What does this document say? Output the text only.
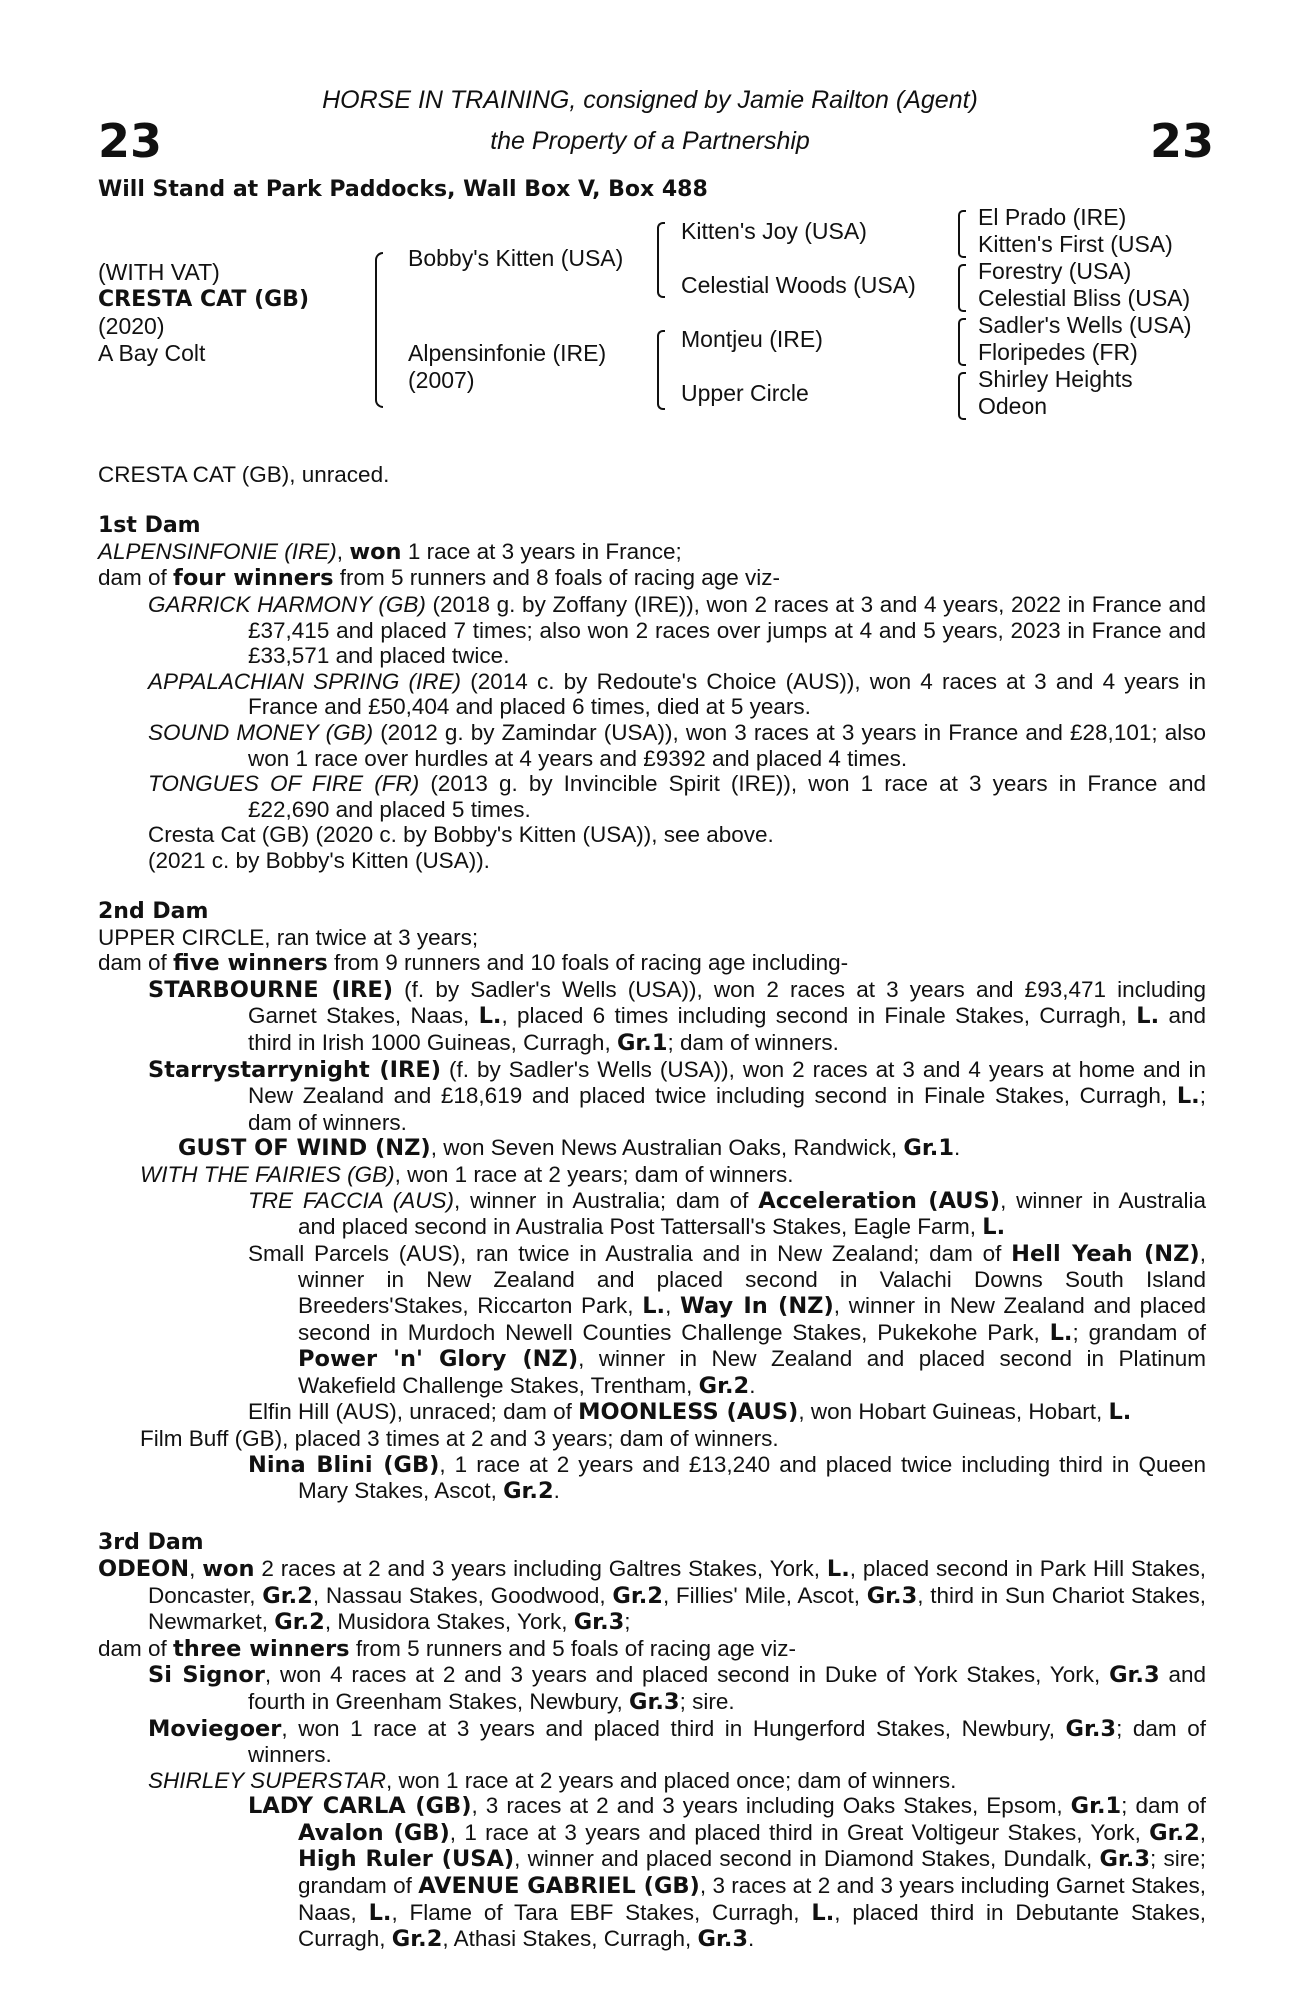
23	23
HORSE IN TRAINING, consigned by Jamie Railton (Agent)
the Property of a Partnership
Will Stand at Park Paddocks, Wall Box V, Box 488
(WITH VAT)
CRESTA CAT (GB)
(2020)
A Bay Colt
Bobby's Kitten (USA)
Alpensinfonie (IRE)
(2007)
Kitten's Joy (USA)
Celestial Woods (USA)
Montjeu (IRE)
Upper Circle
El Prado (IRE)
Kitten's First (USA)
Forestry (USA)
Celestial Bliss (USA)
Sadler's Wells (USA)
Floripedes (FR)
Shirley Heights
Odeon
CRESTA CAT (GB), unraced.
1st Dam
ALPENSINFONIE (IRE), won 1 race at 3 years in France;
dam of four winners from 5 runners and 8 foals of racing age viz-
GARRICK HARMONY (GB) (2018 g. by Zoffany (IRE)), won 2 races at 3 and 4 years, 2022 in France and £37,415 and placed 7 times; also won 2 races over jumps at 4 and 5 years, 2023 in France and £33,571 and placed twice.
APPALACHIAN SPRING (IRE) (2014 c. by Redoute's Choice (AUS)), won 4 races at 3 and 4 years in France and £50,404 and placed 6 times, died at 5 years.
SOUND MONEY (GB) (2012 g. by Zamindar (USA)), won 3 races at 3 years in France and £28,101; also won 1 race over hurdles at 4 years and £9392 and placed 4 times.
TONGUES OF FIRE (FR) (2013 g. by Invincible Spirit (IRE)), won 1 race at 3 years in France and £22,690 and placed 5 times.
Cresta Cat (GB) (2020 c. by Bobby's Kitten (USA)), see above.
(2021 c. by Bobby's Kitten (USA)).
2nd Dam
UPPER CIRCLE, ran twice at 3 years;
dam of five winners from 9 runners and 10 foals of racing age including-
STARBOURNE (IRE) (f. by Sadler's Wells (USA)), won 2 races at 3 years and £93,471 including Garnet Stakes, Naas, L., placed 6 times including second in Finale Stakes, Curragh, L. and third in Irish 1000 Guineas, Curragh, Gr.1; dam of winners.
Starrystarrynight (IRE) (f. by Sadler's Wells (USA)), won 2 races at 3 and 4 years at home and in New Zealand and £18,619 and placed twice including second in Finale Stakes, Curragh, L.; dam of winners.
GUST OF WIND (NZ), won Seven News Australian Oaks, Randwick, Gr.1.
WITH THE FAIRIES (GB), won 1 race at 2 years; dam of winners.
TRE FACCIA (AUS), winner in Australia; dam of Acceleration (AUS), winner in Australia and placed second in Australia Post Tattersall's Stakes, Eagle Farm, L.
Small Parcels (AUS), ran twice in Australia and in New Zealand; dam of Hell Yeah (NZ), winner in New Zealand and placed second in Valachi Downs South Island Breeders'Stakes, Riccarton Park, L., Way In (NZ), winner in New Zealand and placed second in Murdoch Newell Counties Challenge Stakes, Pukekohe Park, L.; grandam of Power 'n' Glory (NZ), winner in New Zealand and placed second in Platinum Wakefield Challenge Stakes, Trentham, Gr.2.
Elfin Hill (AUS), unraced; dam of MOONLESS (AUS), won Hobart Guineas, Hobart, L.
Film Buff (GB), placed 3 times at 2 and 3 years; dam of winners.
Nina Blini (GB), 1 race at 2 years and £13,240 and placed twice including third in Queen Mary Stakes, Ascot, Gr.2.
3rd Dam
ODEON, won 2 races at 2 and 3 years including Galtres Stakes, York, L., placed second in Park Hill Stakes, Doncaster, Gr.2, Nassau Stakes, Goodwood, Gr.2, Fillies' Mile, Ascot, Gr.3, third in Sun Chariot Stakes, Newmarket, Gr.2, Musidora Stakes, York, Gr.3;
dam of three winners from 5 runners and 5 foals of racing age viz-
Si Signor, won 4 races at 2 and 3 years and placed second in Duke of York Stakes, York, Gr.3 and fourth in Greenham Stakes, Newbury, Gr.3; sire.
Moviegoer, won 1 race at 3 years and placed third in Hungerford Stakes, Newbury, Gr.3; dam of winners.
SHIRLEY SUPERSTAR, won 1 race at 2 years and placed once; dam of winners.
LADY CARLA (GB), 3 races at 2 and 3 years including Oaks Stakes, Epsom, Gr.1; dam of Avalon (GB), 1 race at 3 years and placed third in Great Voltigeur Stakes, York, Gr.2, High Ruler (USA), winner and placed second in Diamond Stakes, Dundalk, Gr.3; sire; grandam of AVENUE GABRIEL (GB), 3 races at 2 and 3 years including Garnet Stakes, Naas, L., Flame of Tara EBF Stakes, Curragh, L., placed third in Debutante Stakes, Curragh, Gr.2, Athasi Stakes, Curragh, Gr.3.
